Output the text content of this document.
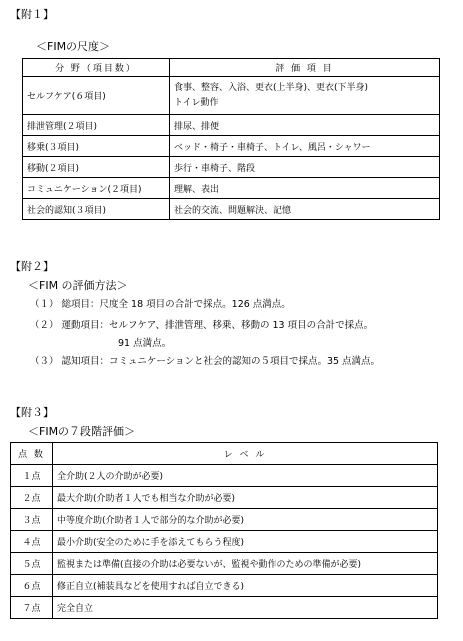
【附１】
＜FIMの尺度＞
分 野（項目数）	評 価 項 目
セルフケア(６項目)	食事、整容、入浴、更衣(上半身)、更衣(下半身)
トイレ動作

排泄管理(２項目)	排尿、排便
移乗(３項目)	ベッド・椅子・車椅子、トイレ、風呂・シャワー
移動(２項目)	歩行・車椅子、階段
コミュニケーション(２項目)	理解、表出
社会的認知(３項目)	社会的交流、問題解決、記憶
【附２】
＜FIM の評価方法＞
（１） 総項目：尺度全 18 項目の合計で採点。126 点満点。
（２） 運動項目：セルフケア、排泄管理、移乗、移動の 13 項目の合計で採点。
91 点満点。
（３） 認知項目：コミュニケーションと社会的認知の５項目で採点。35 点満点。
【附３】
＜FIMの７段階評価＞
点 数	レ ベ ル
１点	全介助(２人の介助が必要)
２点	最大介助(介助者１人でも相当な介助が必要)
３点	中等度介助(介助者１人で部分的な介助が必要)
４点	最小介助(安全のために手を添えてもらう程度)
５点	監視または準備(直接の介助は必要ないが、監視や動作のための準備が必要)
６点	修正自立(補装具などを使用すれば自立できる)
７点	完全自立
